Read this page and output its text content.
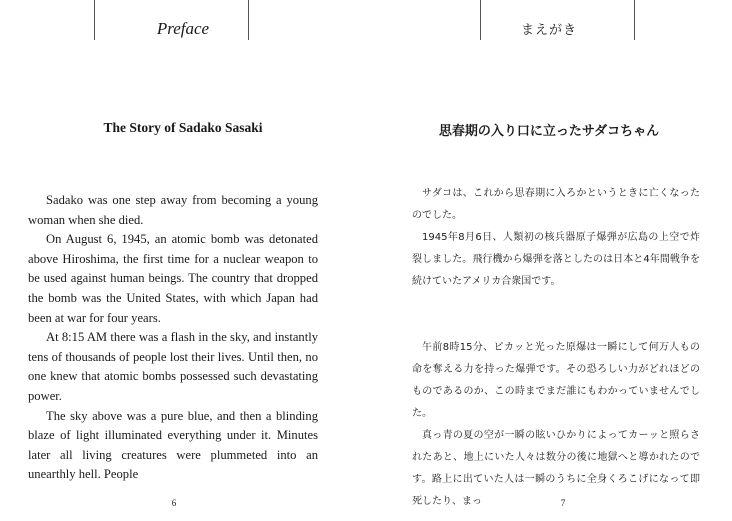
Preface
The Story of Sadako Sasaki

Sadako was one step away from becoming a young woman when she died.

On August 6, 1945, an atomic bomb was detonated above Hiroshima, the first time for a nuclear weapon to be used against human beings. The country that dropped the bomb was the United States, with which Japan had been at war for four years.

At 8:15 AM there was a flash in the sky, and instantly tens of thousands of people lost their lives. Until then, no one knew that atomic bombs possessed such devastating power.

The sky above was a pure blue, and then a blinding blaze of light illuminated everything under it. Minutes later all living creatures were plummeted into an unearthly hell. People

6
まえがき
思春期の入り口に立ったサダコちゃん

サダコは、これから思春期に入ろかというときに亡くなったのでした。

1945年8月6日、人類初の核兵器原子爆弾が広島の上空で炸裂しました。飛行機から爆弾を落としたのは日本と4年間戦争を続けていたアメリカ合衆国です。

午前8時15分、ピカッと光った原爆は一瞬にして何万人もの命を奪える力を持った爆弾です。その恐ろしい力がどれほどのものであるのか、この時までまだ誰にもわかっていませんでした。

真っ青の夏の空が一瞬の眩いひかりによってカーッと照らされたあと、地上にいた人々は数分の後に地獄へと導かれたのです。路上に出ていた人は一瞬のうちに全身くろこげになって即死したり、まっ	7
